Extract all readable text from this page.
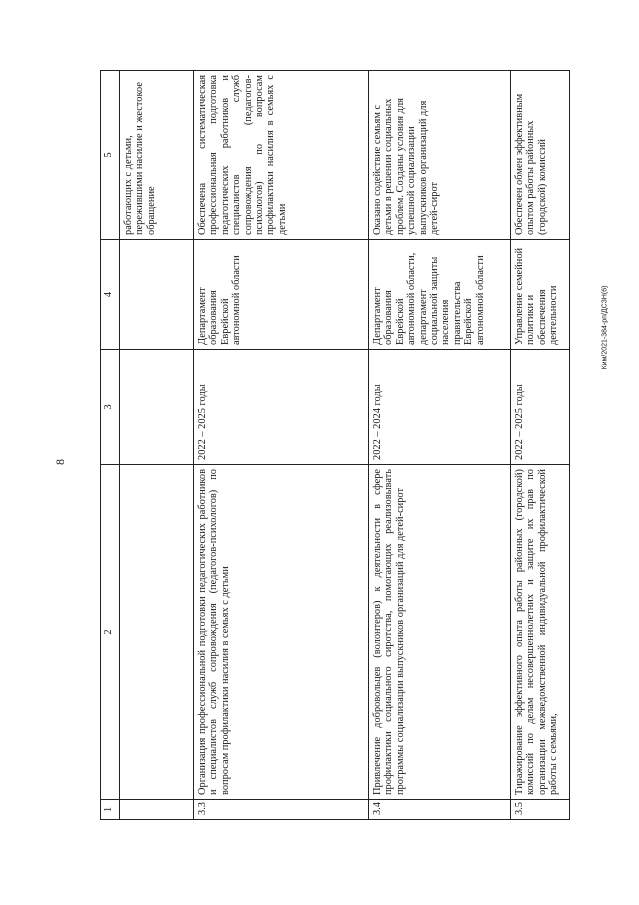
8
Ким/2021-384-рп/ДСЗН(6)
1
2
3
4
5 работающих с детьми, пережившими насилие и жестокое обращение
3.3
Организация профессиональной подготовки педагогических работников и специалистов служб сопровождения (педагогов-психологов) по вопросам профилактики насилия в семьях с детьми
2022 – 2025 годы
Департамент образования Еврейской автономной области
Обеспечена систематическая профессиональная подготовка педагогических работников и специалистов служб сопровождения (педагогов-психологов) по вопросам профилактики насилия в семьях с детьми
3.4
Привлечение добровольцев (волонтеров) к деятельности в сфере профилактики социального сиротства, помогающих реализовывать программы социализации выпускников организаций для детей-сирот
2022 – 2024 годы
Департамент образования Еврейской автономной области, департамент социальной защиты населения правительства Еврейской автономной области
Оказано содействие семьям с детьми в решении социальных проблем. Созданы условия для успешной социализации выпускников организаций для детей-сирот
3.5
Тиражирование эффективного опыта работы районных (городской) комиссий по делам несовершеннолетних и защите их прав по организации межведомственной индивидуальной профилактической работы с семьями,
2022 – 2025 годы
Управление семейной политики и обеспечения деятельности
Обеспечен обмен эффективным опытом работы районных (городской) комиссий
